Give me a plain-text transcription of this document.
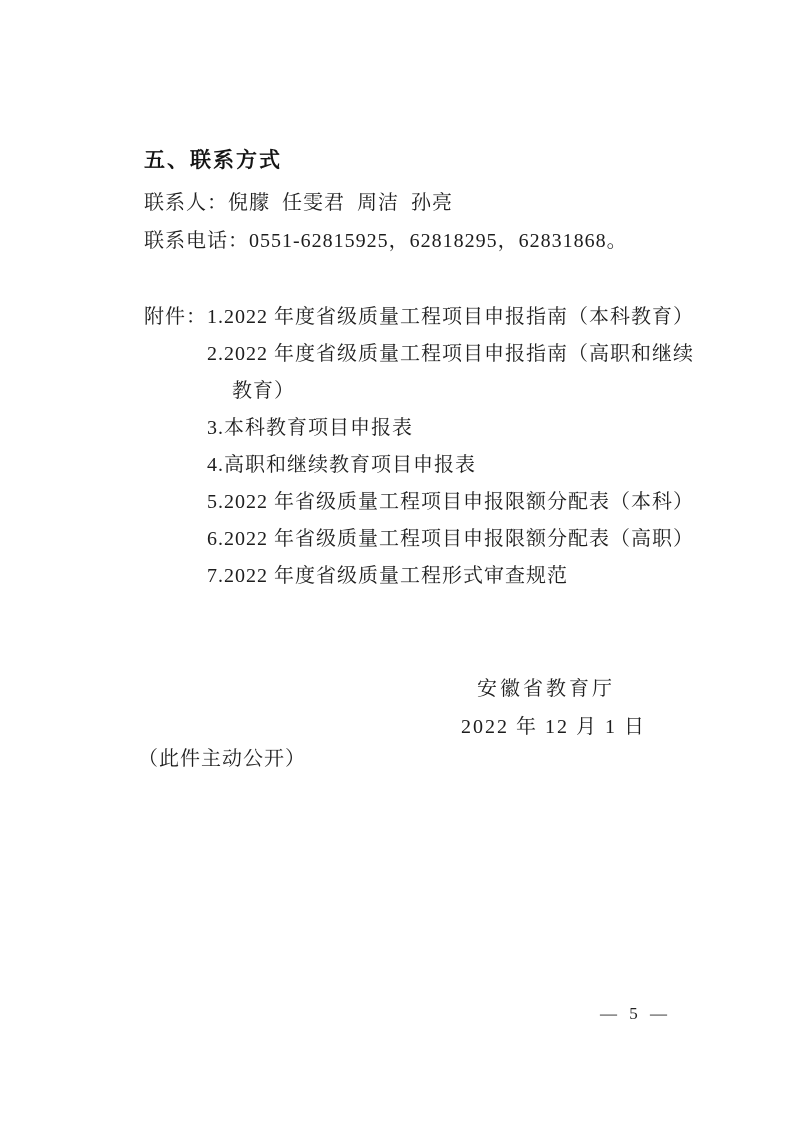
五、联系方式
联系人：倪朦  任雯君  周洁  孙亮
联系电话：0551-62815925，62818295，62831868。
附件： 1.2022 年度省级质量工程项目申报指南（本科教育）
2.2022 年度省级质量工程项目申报指南（高职和继续
教育）
3.本科教育项目申报表
4.高职和继续教育项目申报表
5.2022 年省级质量工程项目申报限额分配表（本科）
6.2022 年省级质量工程项目申报限额分配表（高职）
7.2022 年度省级质量工程形式审查规范
安徽省教育厅
2022 年 12 月 1 日
（此件主动公开）
— 5 —
